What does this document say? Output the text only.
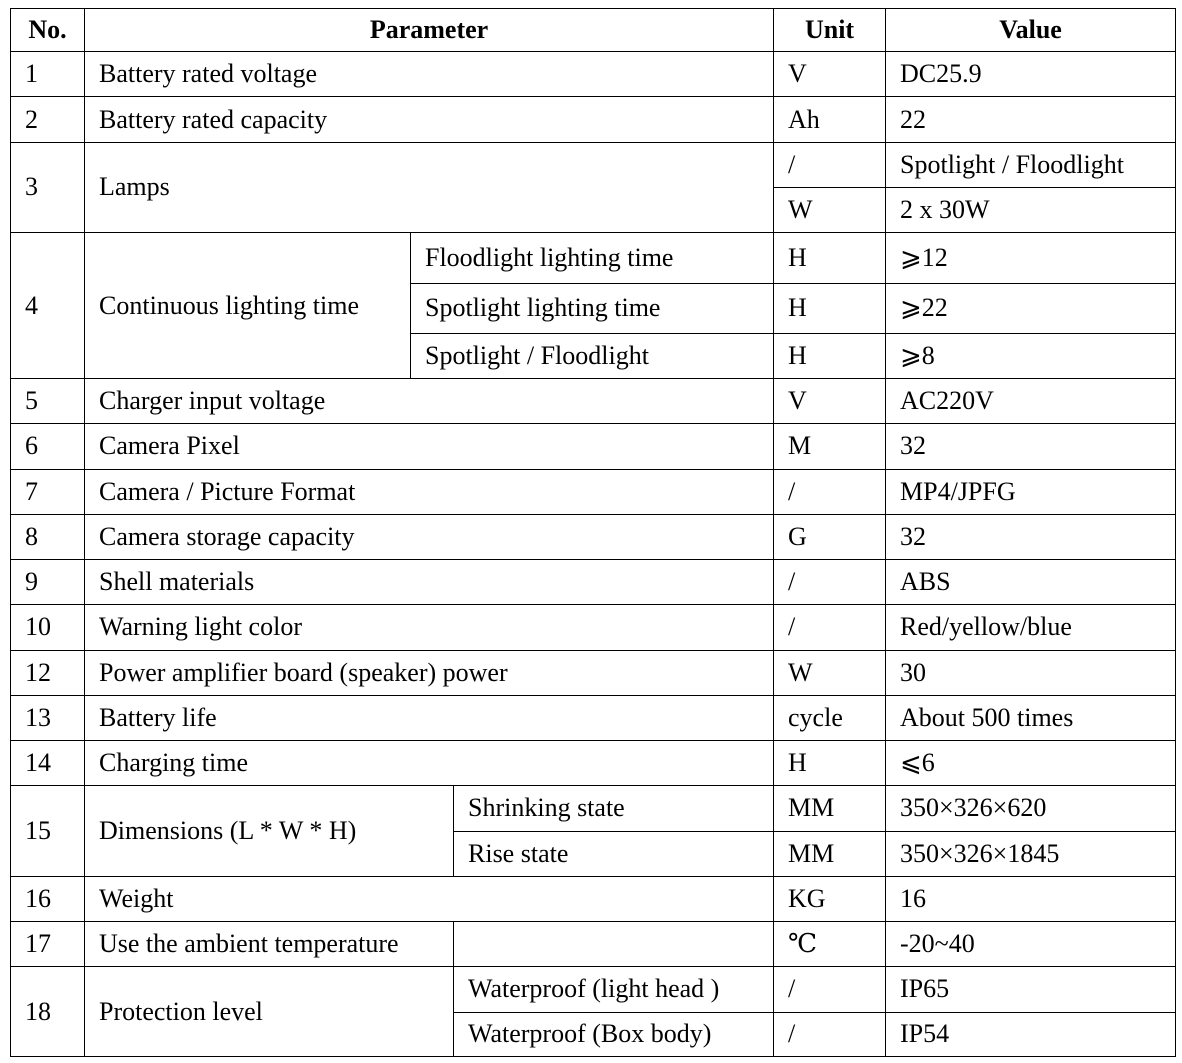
No.	Parameter			Unit	Value
1	Battery rated voltage			V	DC25.9
2	Battery rated capacity			Ah	22
3	Lamps			/	Spotlight / Floodlight
				W	2 x 30W
4	Continuous lighting time	Floodlight lighting time		H	⩾12
		Spotlight lighting time		H	⩾22
		Spotlight / Floodlight		H	⩾8
5	Charger input voltage			V	AC220V
6	Camera Pixel			M	32
7	Camera / Picture Format			/	MP4/JPFG
8	Camera storage capacity			G	32
9	Shell materials			/	ABS
10	Warning light color			/	Red/yellow/blue
12	Power amplifier board (speaker) power			W	30
13	Battery life			cycle	About 500 times
14	Charging time			H	⩽6
15	Dimensions (L * W * H)		Shrinking state	MM	350×326×620
			Rise state	MM	350×326×1845
16	Weight			KG	16
17	Use the ambient temperature			℃	-20~40
18	Protection level		Waterproof (light head )	/	IP65
			Waterproof (Box body)	/	IP54
